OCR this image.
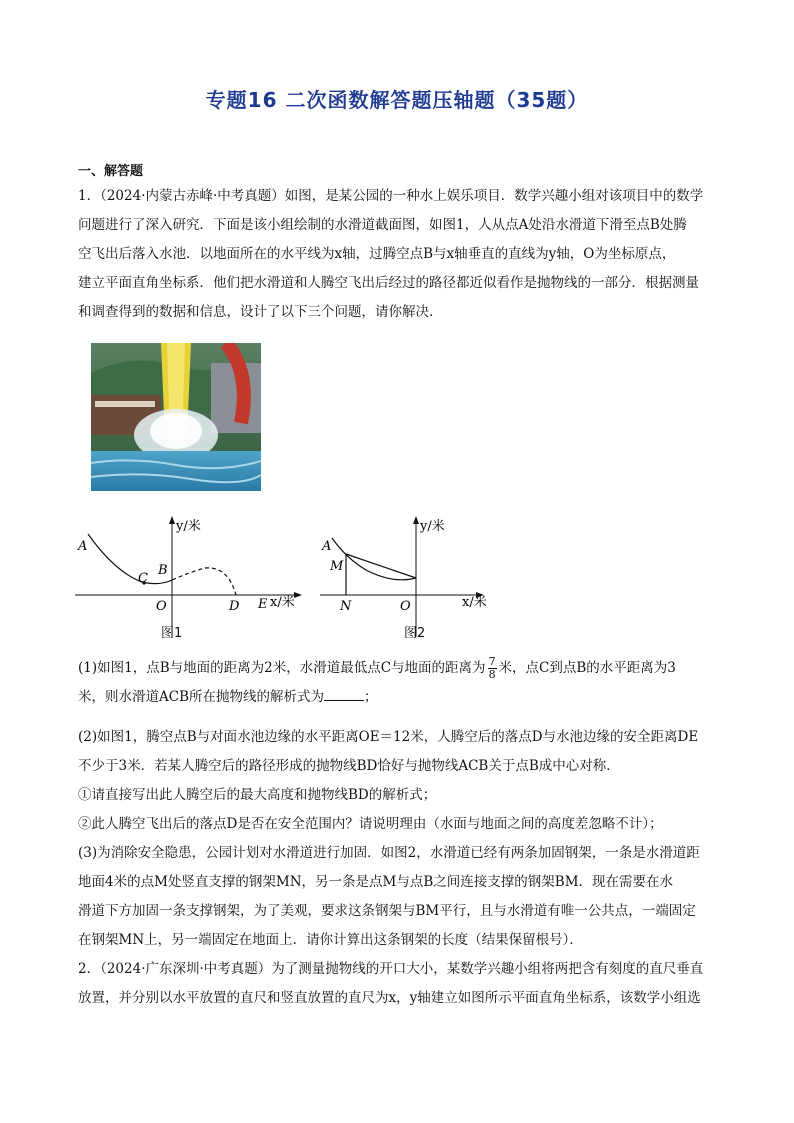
专题16 二次函数解答题压轴题（35题）
一、解答题
1．（2024·内蒙古赤峰·中考真题）如图，是某公园的一种水上娱乐项目．数学兴趣小组对该项目中的数学
问题进行了深入研究．下面是该小组绘制的水滑道截面图，如图1，人从点A处沿水滑道下滑至点B处腾
空飞出后落入水池．以地面所在的水平线为x轴，过腾空点B与x轴垂直的直线为y轴，O为坐标原点，
建立平面直角坐标系．他们把水滑道和人腾空飞出后经过的路径都近似看作是抛物线的一部分．根据测量
和调查得到的数据和信息，设计了以下三个问题，请你解决．
A
B
C
O	D E
y/米
x/米
图1
A
M
N	O
y/米
x/米
图2
(1)如图1，点B与地面的距离为2米，水滑道最低点C与地面的距离为 $\frac{7}{8}$ 米，点C到点B的水平距离为3
米，则水滑道ACB所在抛物线的解析式为	；
(2)如图1，腾空点B与对面水池边缘的水平距离OE＝12米，人腾空后的落点D与水池边缘的安全距离DE
不少于3米．若某人腾空后的路径形成的抛物线BD恰好与抛物线ACB关于点B成中心对称．
①请直接写出此人腾空后的最大高度和抛物线BD的解析式；
②此人腾空飞出后的落点D是否在安全范围内？请说明理由（水面与地面之间的高度差忽略不计）；
(3)为消除安全隐患，公园计划对水滑道进行加固．如图2，水滑道已经有两条加固钢架，一条是水滑道距
地面4米的点M处竖直支撑的钢架MN，另一条是点M与点B之间连接支撑的钢架BM．现在需要在水
滑道下方加固一条支撑钢架，为了美观，要求这条钢架与BM平行，且与水滑道有唯一公共点，一端固定
在钢架MN上，另一端固定在地面上．请你计算出这条钢架的长度（结果保留根号）．
2．（2024·广东深圳·中考真题）为了测量抛物线的开口大小，某数学兴趣小组将两把含有刻度的直尺垂直
放置，并分别以水平放置的直尺和竖直放置的直尺为x，y轴建立如图所示平面直角坐标系，该数学小组选
